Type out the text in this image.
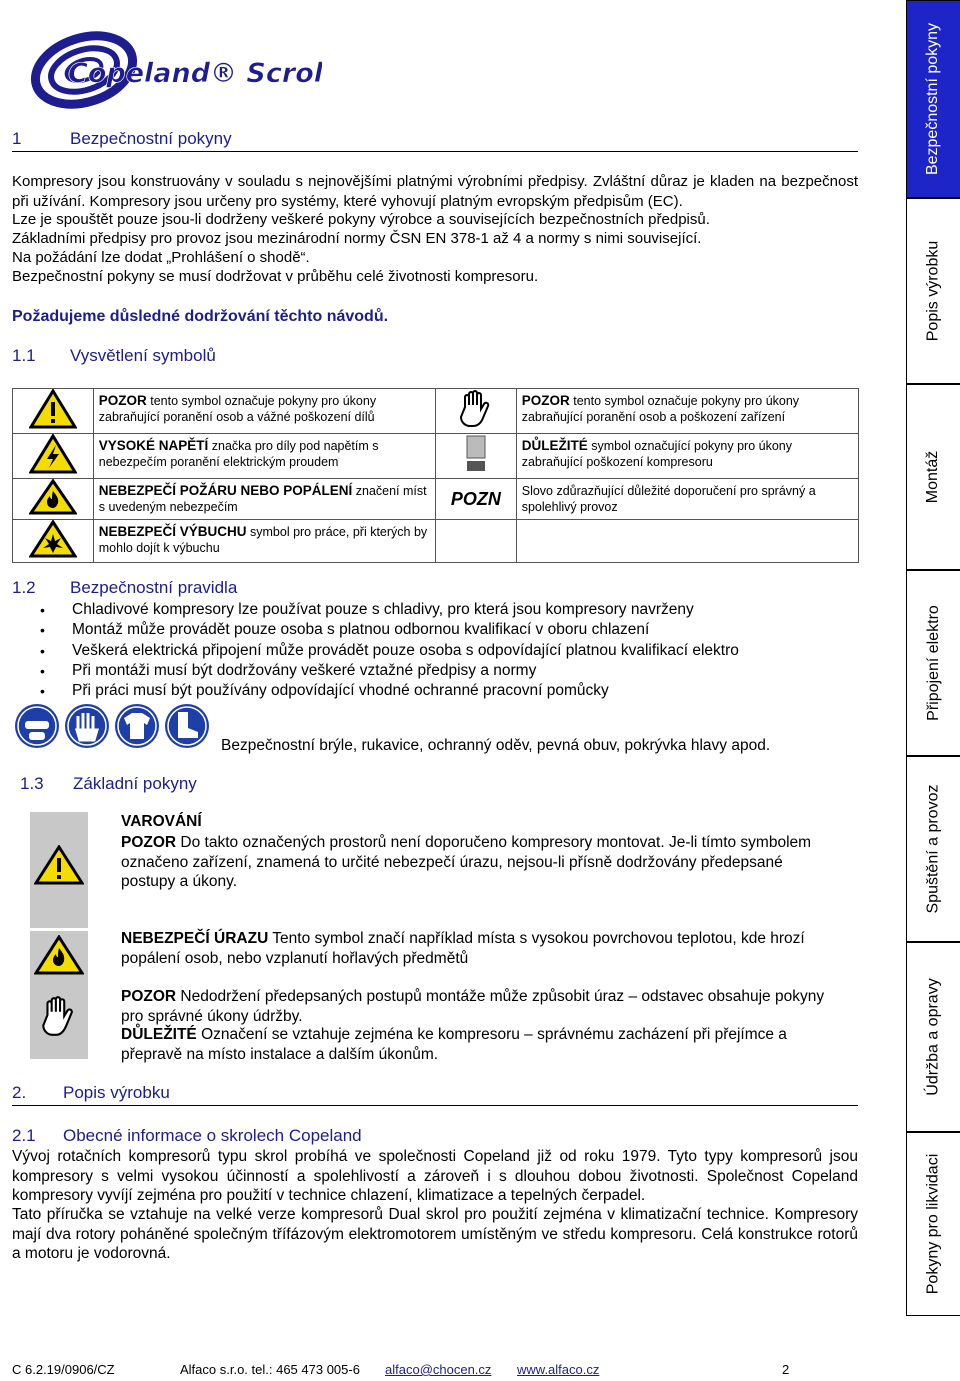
Copeland® Scroll
1	Bezpečnostní pokyny
Kompresory jsou konstruovány v souladu s nejnovějšími platnými výrobními předpisy. Zvláštní důraz je kladen na bezpečnost při užívání. Kompresory jsou určeny pro systémy, které vyhovují platným evropským předpisům (EC).
Lze je spouštět pouze jsou-li dodrženy veškeré pokyny výrobce a souvisejících bezpečnostních předpisů.
Základními předpisy pro provoz jsou mezinárodní normy ČSN EN 378-1 až 4 a normy s nimi související.
Na požádání lze dodat „Prohlášení o shodě“.
Bezpečnostní pokyny se musí dodržovat v průběhu celé životnosti kompresoru.
Požadujeme důsledné dodržování těchto návodů.
1.1 Vysvětlení symbolů
	POZOR tento symbol označuje pokyny pro úkony zabraňující poranění osob a vážné poškození dílů		POZOR tento symbol označuje pokyny pro úkony zabraňující poranění osob a poškození zařízení
	VYSOKÉ NAPĚTÍ značka pro díly pod napětím s nebezpečím poranění elektrickým proudem		DŮLEŽITÉ symbol označující pokyny pro úkony zabraňující poškození kompresoru
	NEBEZPEČÍ POŽÁRU NEBO POPÁLENÍ značení míst s uvedeným nebezpečím	POZN	Slovo zdůrazňující důležité doporučení pro správný a spolehlivý provoz
	NEBEZPEČÍ VÝBUCHU symbol pro práce, při kterých by mohlo dojít k výbuchu		
1.2 Bezpečnostní pravidla
• Chladivové kompresory lze používat pouze s chladivy, pro která jsou kompresory navrženy
• Montáž může provádět pouze osoba s platnou odbornou kvalifikací v oboru chlazení
• Veškerá elektrická připojení může provádět pouze osoba s odpovídající platnou kvalifikací elektro
• Při montáži musí být dodržovány veškeré vztažné předpisy a normy
• Při práci musí být používány odpovídající vhodné ochranné pracovní pomůcky
Bezpečnostní brýle, rukavice, ochranný oděv, pevná obuv, pokrývka hlavy apod.
1.3 Základní pokyny
VAROVÁNÍ
POZOR Do takto označených prostorů není doporučeno kompresory montovat. Je-li tímto symbolem označeno zařízení, znamená to určité nebezpečí úrazu, nejsou-li přísně dodržovány předepsané postupy a úkony.
NEBEZPEČÍ ÚRAZU Tento symbol značí například místa s vysokou povrchovou teplotou, kde hrozí popálení osob, nebo vzplanutí hořlavých předmětů
POZOR Nedodržení předepsaných postupů montáže může způsobit úraz – odstavec obsahuje pokyny pro správné úkony údržby.
DŮLEŽITÉ Označení se vztahuje zejména ke kompresoru – správnému zacházení při přejímce a přepravě na místo instalace a dalším úkonům.
2. Popis výrobku
2.1 Obecné informace o skrolech Copeland
Vývoj rotačních kompresorů typu skrol probíhá ve společnosti Copeland již od roku 1979. Tyto typy kompresorů jsou kompresory s velmi vysokou účinností a spolehlivostí a zároveň i s dlouhou dobou životnosti. Společnost Copeland kompresory vyvíjí zejména pro použití v technice chlazení, klimatizace a tepelných čerpadel.
Tato příručka se vztahuje na velké verze kompresorů Dual skrol pro použití zejména v klimatizační technice. Kompresory mají dva rotory poháněné společným třífázovým elektromotorem umístěným ve středu kompresoru. Celá konstrukce rotorů a motoru je vodorovná.
Bezpečnostní pokyny
Popis výrobku
Montáž
Připojení elektro
Spuštění a provoz
Údržba a opravy
Pokyny pro likvidaci
C 6.2.19/0906/CZ	Alfaco s.r.o. tel.: 465 473 005-6 alfaco@chocen.cz www.alfaco.cz	2
